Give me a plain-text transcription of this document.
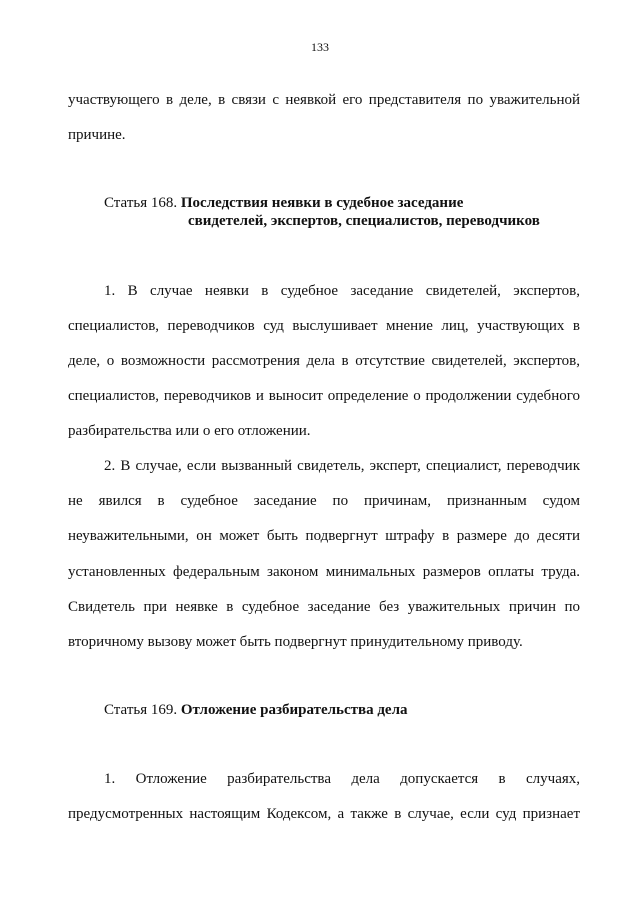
133
участвующего в деле, в связи с неявкой его представителя по уважительной
причине.
Статья 168. Последствия неявки в судебное заседание
свидетелей, экспертов, специалистов, переводчиков
1. В случае неявки в судебное заседание свидетелей, экспертов,
специалистов, переводчиков суд выслушивает мнение лиц, участвующих в
деле, о возможности рассмотрения дела в отсутствие свидетелей, экспертов,
специалистов, переводчиков и выносит определение о продолжении судебного
разбирательства или о его отложении.
2. В случае, если вызванный свидетель, эксперт, специалист, переводчик
не явился в судебное заседание по причинам, признанным судом
неуважительными, он может быть подвергнут штрафу в размере до десяти
установленных федеральным законом минимальных размеров оплаты труда.
Свидетель при неявке в судебное заседание без уважительных причин по
вторичному вызову может быть подвергнут принудительному приводу.
Статья 169. Отложение разбирательства дела
1. Отложение разбирательства дела допускается в случаях,
предусмотренных настоящим Кодексом, а также в случае, если суд признает
